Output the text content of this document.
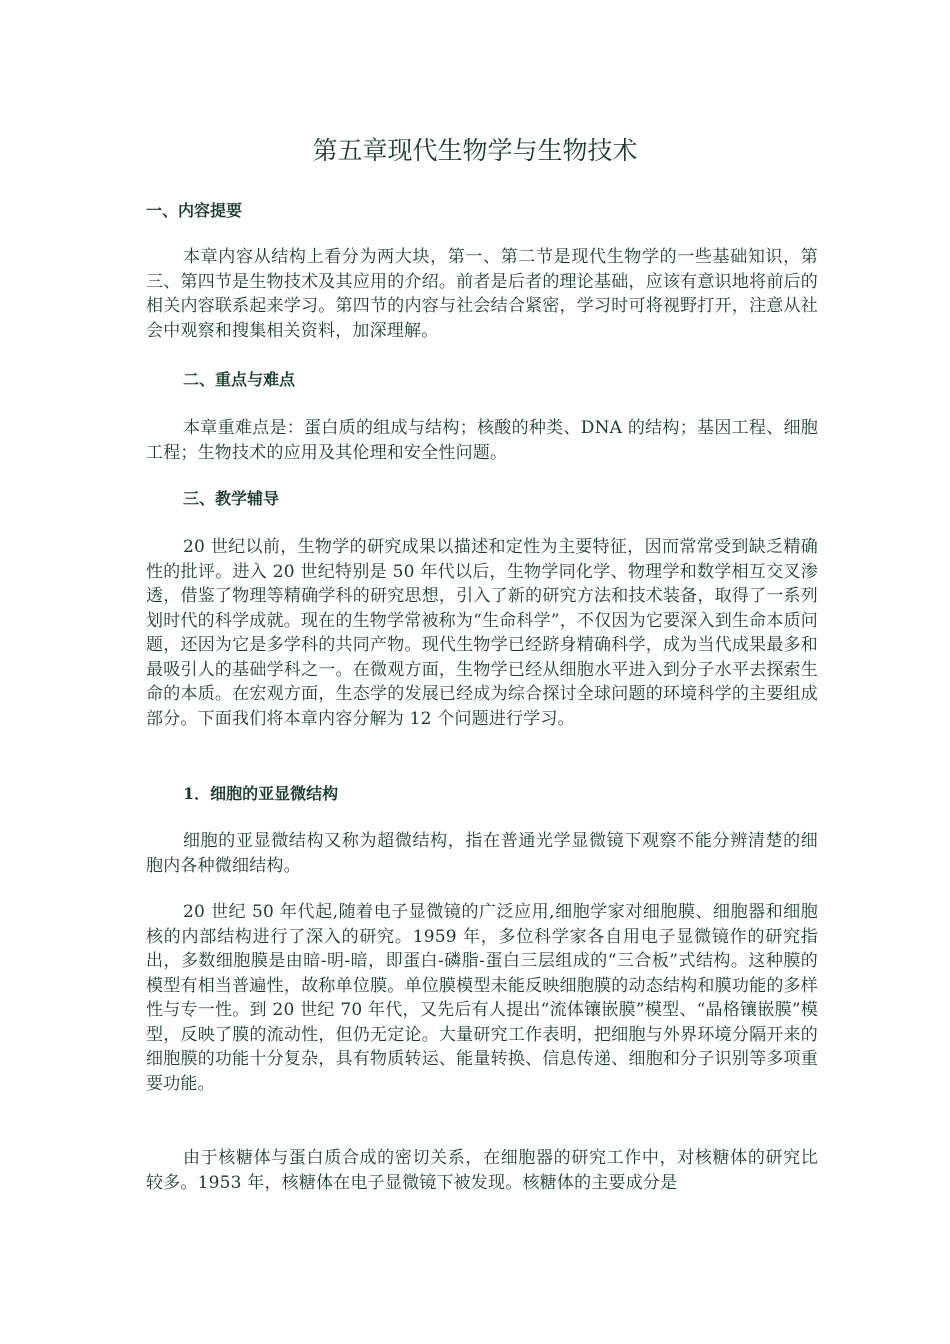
第五章现代生物学与生物技术
一、内容提要

本章内容从结构上看分为两大块，第一、第二节是现代生物学的一些基础知识，第三、第四节是生物技术及其应用的介绍。前者是后者的理论基础，应该有意识地将前后的相关内容联系起来学习。第四节的内容与社会结合紧密，学习时可将视野打开，注意从社会中观察和搜集相关资料，加深理解。

二、重点与难点

本章重难点是：蛋白质的组成与结构；核酸的种类、DNA 的结构；基因工程、细胞工程；生物技术的应用及其伦理和安全性问题。

三、教学辅导

20 世纪以前，生物学的研究成果以描述和定性为主要特征，因而常常受到缺乏精确性的批评。进入 20 世纪特别是 50 年代以后，生物学同化学、物理学和数学相互交叉渗透，借鉴了物理等精确学科的研究思想，引入了新的研究方法和技术装备，取得了一系列划时代的科学成就。现在的生物学常被称为“生命科学”，不仅因为它要深入到生命本质问题，还因为它是多学科的共同产物。现代生物学已经跻身精确科学，成为当代成果最多和最吸引人的基础学科之一。在微观方面，生物学已经从细胞水平进入到分子水平去探索生命的本质。在宏观方面，生态学的发展已经成为综合探讨全球问题的环境科学的主要组成部分。下面我们将本章内容分解为 12 个问题进行学习。

1．细胞的亚显微结构

细胞的亚显微结构又称为超微结构，指在普通光学显微镜下观察不能分辨清楚的细胞内各种微细结构。

20 世纪 50 年代起,随着电子显微镜的广泛应用,细胞学家对细胞膜、细胞器和细胞核的内部结构进行了深入的研究。1959 年，多位科学家各自用电子显微镜作的研究指出，多数细胞膜是由暗-明-暗，即蛋白-磷脂-蛋白三层组成的“三合板”式结构。这种膜的模型有相当普遍性，故称单位膜。单位膜模型未能反映细胞膜的动态结构和膜功能的多样性与专一性。到 20 世纪 70 年代，又先后有人提出“流体镶嵌膜”模型、“晶格镶嵌膜”模型，反映了膜的流动性，但仍无定论。大量研究工作表明，把细胞与外界环境分隔开来的细胞膜的功能十分复杂，具有物质转运、能量转换、信息传递、细胞和分子识别等多项重要功能。

由于核糖体与蛋白质合成的密切关系，在细胞器的研究工作中，对核糖体的研究比较多。1953 年，核糖体在电子显微镜下被发现。核糖体的主要成分是
